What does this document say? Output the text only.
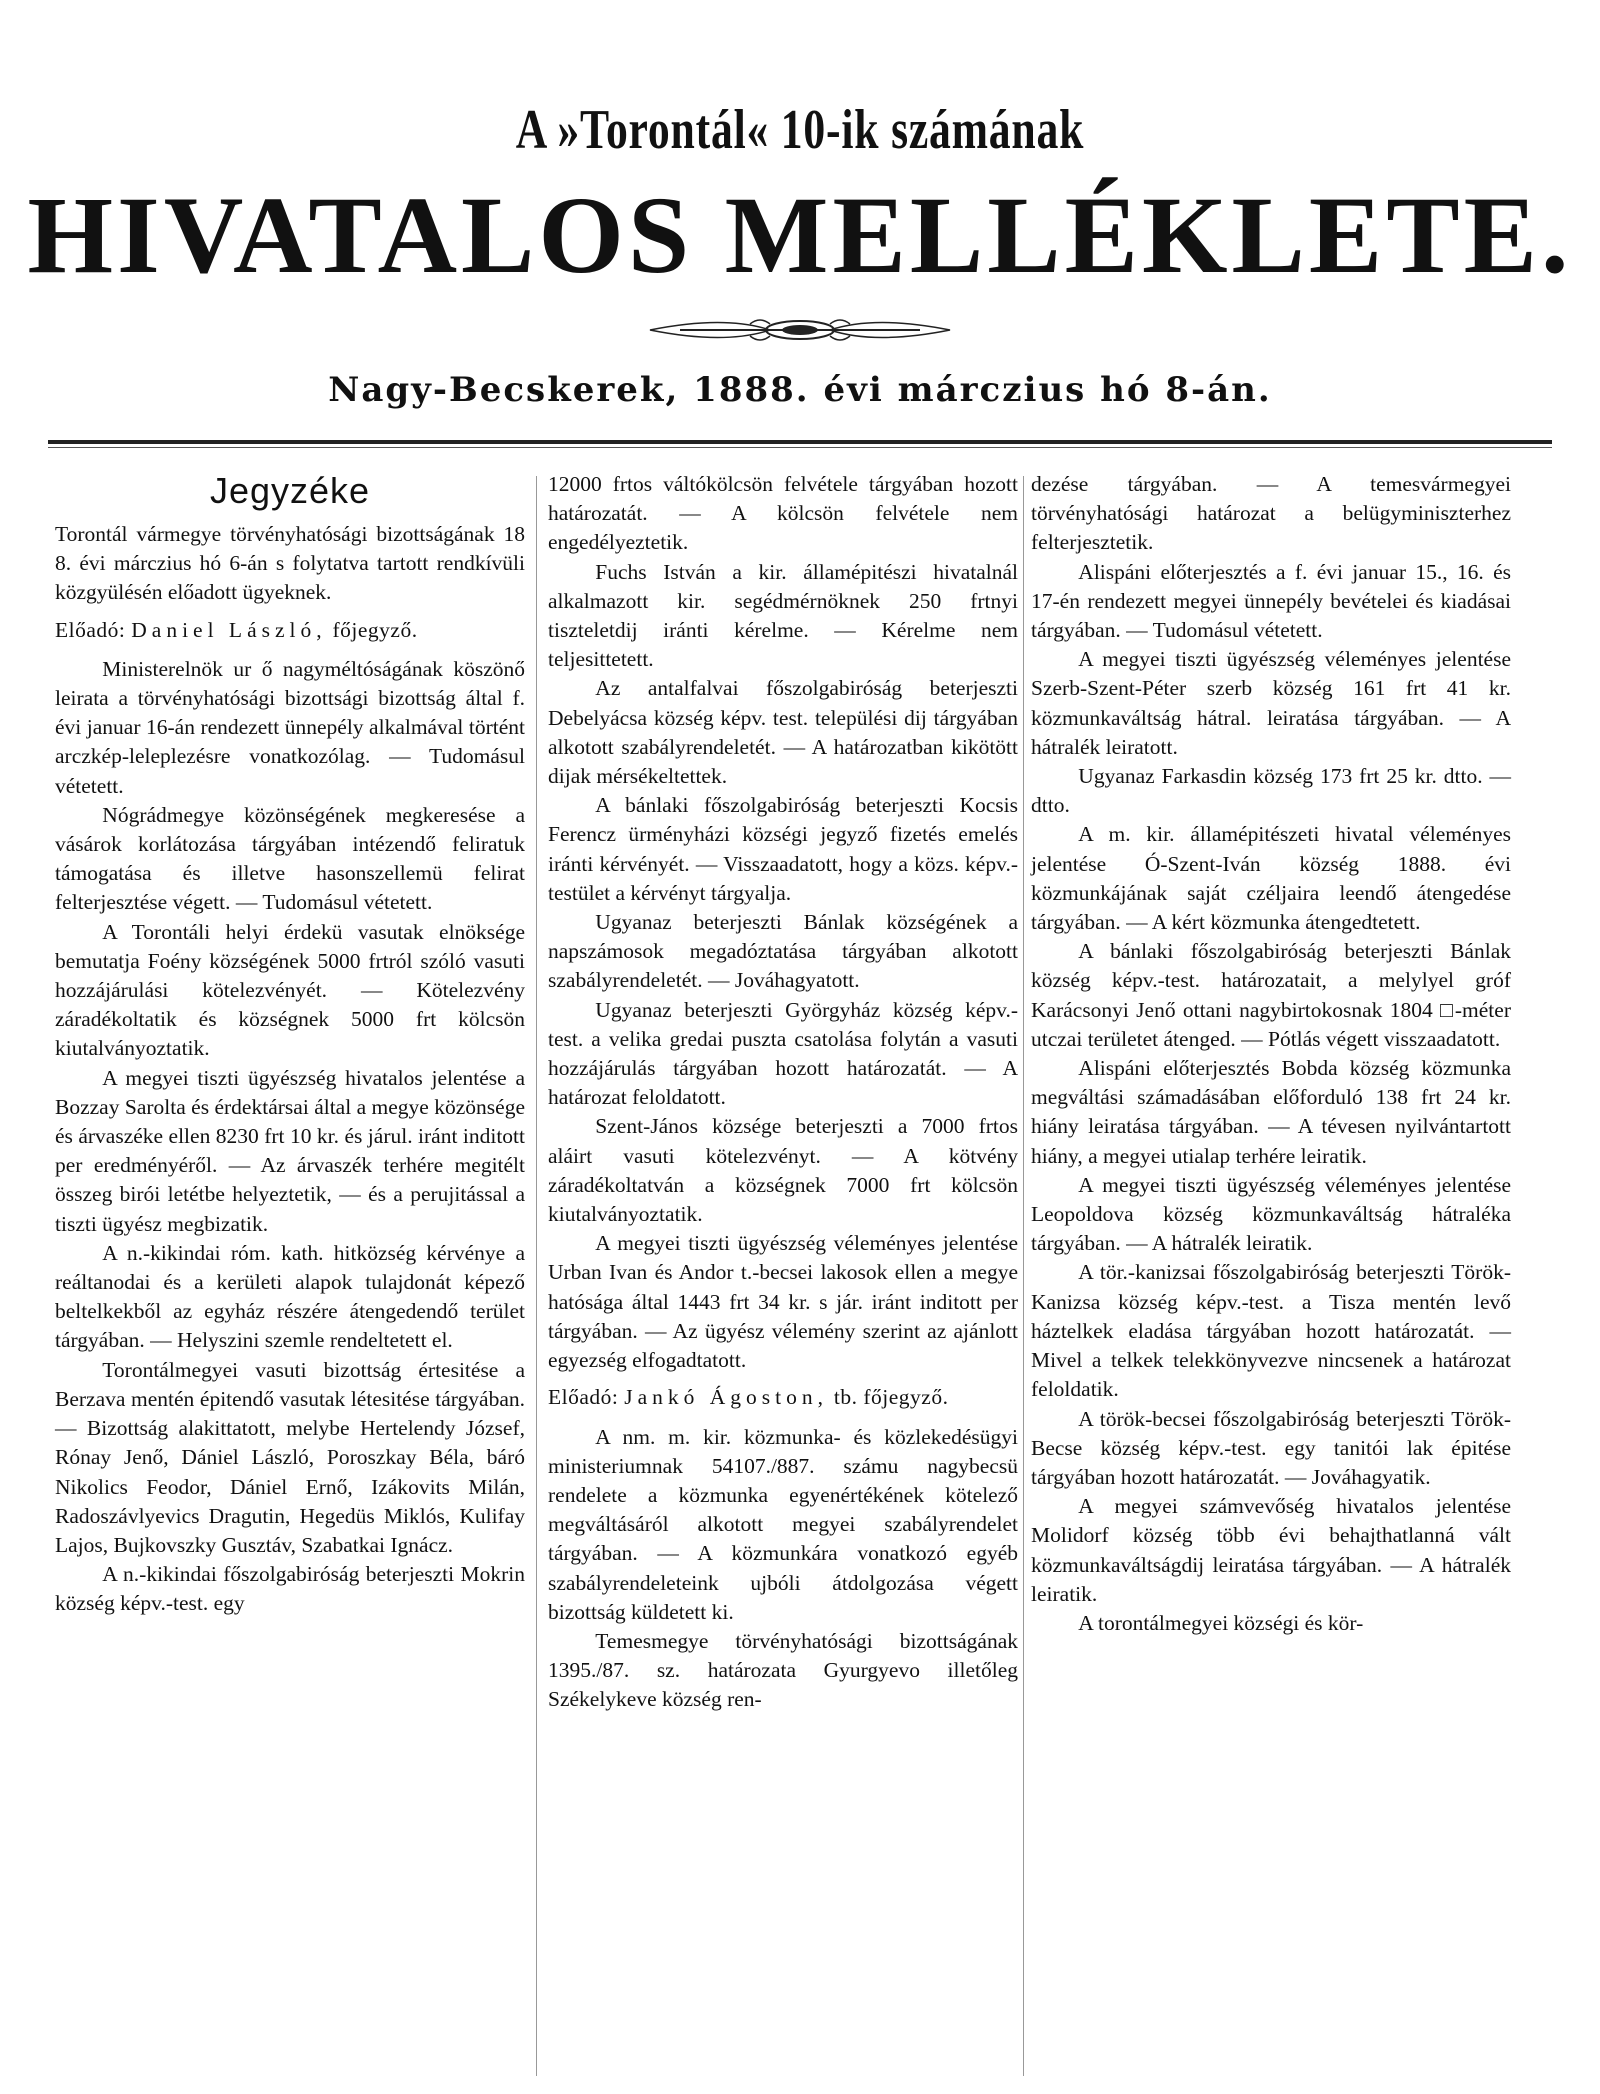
A »Torontál« 10-ik számának
HIVATALOS MELLÉKLETE.
Nagy-Becskerek, 1888. évi márczius hó 8-án.
Jegyzéke

Torontál vármegye törvényhatósági bizottságának 18 8. évi márczius hó 6-án s folytatva tartott rendkívüli közgyülésén előadott ügyeknek.

Előadó: Daniel László, főjegyző.

Ministerelnök ur ő nagyméltóságának köszönő leirata a törvényhatósági bizottsági bizottság által f. évi januar 16-án rendezett ünnepély alkalmával történt arczkép-leleplezésre vonatkozólag. — Tudomásul vétetett.

Nógrádmegye közönségének megkeresése a vásárok korlátozása tárgyában intézendő feliratuk támogatása és illetve hasonszellemü felirat felterjesztése végett. — Tudomásul vétetett.

A Torontáli helyi érdekü vasutak elnöksége bemutatja Foény községének 5000 frtról szóló vasuti hozzájárulási kötelezvényét. — Kötelezvény záradékoltatik és községnek 5000 frt kölcsön kiutalványoztatik.

A megyei tiszti ügyészség hivatalos jelentése a Bozzay Sarolta és érdektársai által a megye közönsége és árvaszéke ellen 8230 frt 10 kr. és járul. iránt inditott per eredményéről. — Az árvaszék terhére megitélt összeg birói letétbe helyeztetik, — és a perujitással a tiszti ügyész megbizatik.

A n.-kikindai róm. kath. hitközség kérvénye a reáltanodai és a kerületi alapok tulajdonát képező beltelkekből az egyház részére átengedendő terület tárgyában. — Helyszini szemle rendeltetett el.

Torontálmegyei vasuti bizottság értesitése a Berzava mentén épitendő vasutak létesitése tárgyában. — Bizottság alakittatott, melybe Hertelendy József, Rónay Jenő, Dániel László, Poroszkay Béla, báró Nikolics Feodor, Dániel Ernő, Izákovits Milán, Radoszávlyevics Dragutin, Hegedüs Miklós, Kulifay Lajos, Bujkovszky Gusztáv, Szabatkai Ignácz.

A n.-kikindai főszolgabiróság beterjeszti Mokrin község képv.-test. egy

12000 frtos váltókölcsön felvétele tárgyában hozott határozatát. — A kölcsön felvétele nem engedélyeztetik.

Fuchs István a kir. államépitészi hivatalnál alkalmazott kir. segédmérnöknek 250 frtnyi tiszteletdij iránti kérelme. — Kérelme nem teljesittetett.

Az antalfalvai főszolgabiróság beterjeszti Debelyácsa község képv. test. települési dij tárgyában alkotott szabályrendeletét. — A határozatban kikötött dijak mérsékeltettek.

A bánlaki főszolgabiróság beterjeszti Kocsis Ferencz ürményházi községi jegyző fizetés emelés iránti kérvényét. — Visszaadatott, hogy a közs. képv.-testület a kérvényt tárgyalja.

Ugyanaz beterjeszti Bánlak községének a napszámosok megadóztatása tárgyában alkotott szabályrendeletét. — Jováhagyatott.

Ugyanaz beterjeszti Györgyház község képv.-test. a velika gredai puszta csatolása folytán a vasuti hozzájárulás tárgyában hozott határozatát. — A határozat feloldatott.

Szent-János községe beterjeszti a 7000 frtos aláirt vasuti kötelezvényt. — A kötvény záradékoltatván a községnek 7000 frt kölcsön kiutalványoztatik.

A megyei tiszti ügyészség véleményes jelentése Urban Ivan és Andor t.-becsei lakosok ellen a megye hatósága által 1443 frt 34 kr. s jár. iránt inditott per tárgyában. — Az ügyész vélemény szerint az ajánlott egyezség elfogadtatott.

Előadó: Jankó Ágoston, tb. főjegyző.

A nm. m. kir. közmunka- és közlekedésügyi ministeriumnak 54107./887. számu nagybecsü rendelete a közmunka egyenértékének kötelező megváltásáról alkotott megyei szabályrendelet tárgyában. — A közmunkára vonatkozó egyéb szabályrendeleteink ujbóli átdolgozása végett bizottság küldetett ki.

Temesmegye törvényhatósági bizottságának 1395./87. sz. határozata Gyurgyevo illetőleg Székelykeve község ren-

dezése tárgyában. — A temesvármegyei törvényhatósági határozat a belügyminiszterhez felterjesztetik.

Alispáni előterjesztés a f. évi januar 15., 16. és 17-én rendezett megyei ünnepély bevételei és kiadásai tárgyában. — Tudomásul vétetett.

A megyei tiszti ügyészség véleményes jelentése Szerb-Szent-Péter szerb község 161 frt 41 kr. közmunkaváltság hátral. leiratása tárgyában. — A hátralék leiratott.

Ugyanaz Farkasdin község 173 frt 25 kr. dtto. — dtto.

A m. kir. államépitészeti hivatal véleményes jelentése Ó-Szent-Iván község 1888. évi közmunkájának saját czéljaira leendő átengedése tárgyában. — A kért közmunka átengedtetett.

A bánlaki főszolgabiróság beterjeszti Bánlak község képv.-test. határozatait, a melylyel gróf Karácsonyi Jenő ottani nagybirtokosnak 1804 □-méter utczai területet átenged. — Pótlás végett visszaadatott.

Alispáni előterjesztés Bobda község közmunka megváltási számadásában előforduló 138 frt 24 kr. hiány leiratása tárgyában. — A tévesen nyilvántartott hiány, a megyei utialap terhére leiratik.

A megyei tiszti ügyészség véleményes jelentése Leopoldova község közmunkaváltság hátraléka tárgyában. — A hátralék leiratik.

A tör.-kanizsai főszolgabiróság beterjeszti Török-Kanizsa község képv.-test. a Tisza mentén levő háztelkek eladása tárgyában hozott határozatát. — Mivel a telkek telekkönyvezve nincsenek a határozat feloldatik.

A török-becsei főszolgabiróság beterjeszti Török-Becse község képv.-test. egy tanitói lak épitése tárgyában hozott határozatát. — Jováhagyatik.

A megyei számvevőség hivatalos jelentése Molidorf község több évi behajthatlanná vált közmunkaváltságdij leiratása tárgyában. — A hátralék leiratik.

A torontálmegyei községi és kör-
